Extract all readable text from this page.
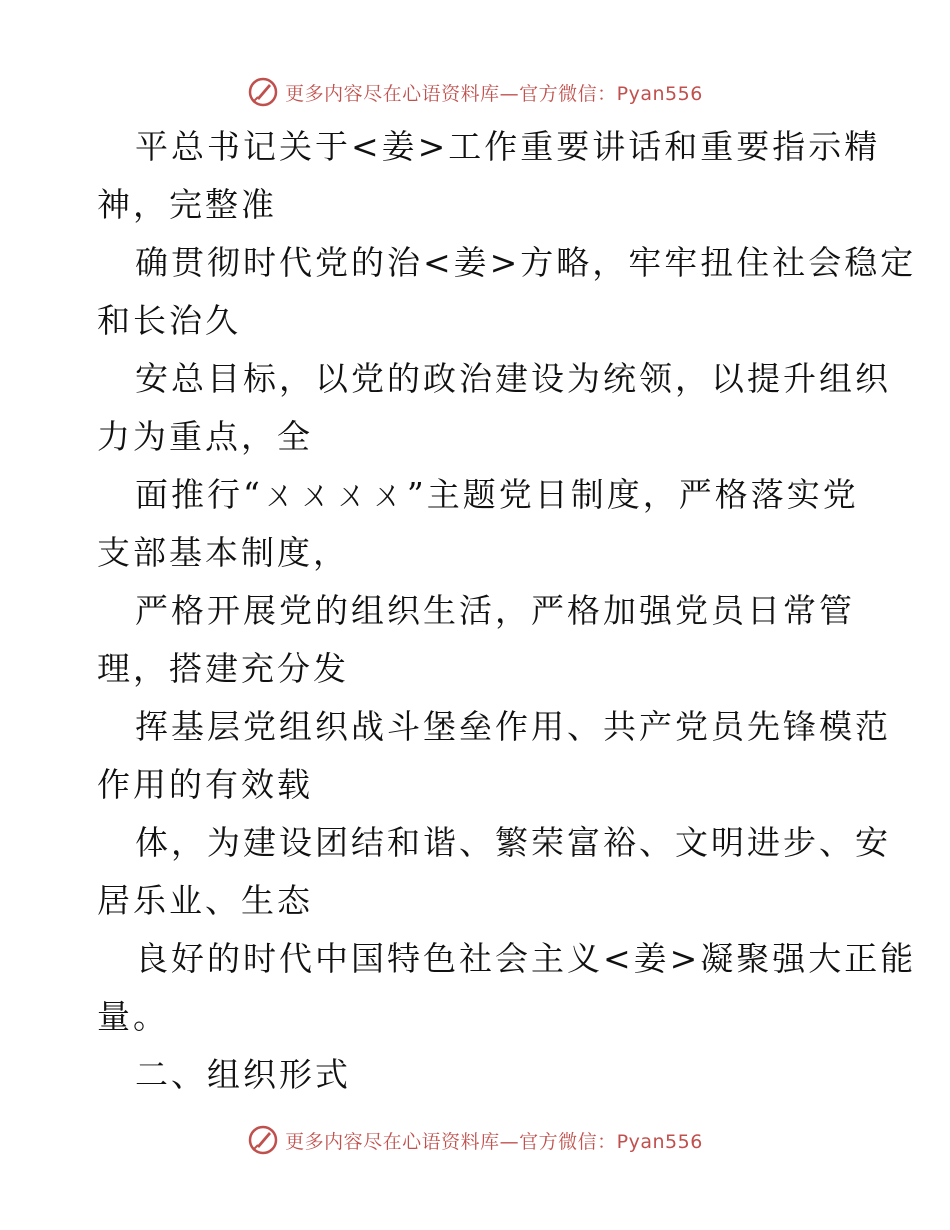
更多内容尽在心语资料库—官方微信：Pyan556

平总书记关于<姜>工作重要讲话和重要指示精

神，完整准

确贯彻时代党的治<姜>方略，牢牢扭住社会稳定

和长治久

安总目标，以党的政治建设为统领，以提升组织

力为重点，全

面推行“ㄨㄨㄨㄨ”主题党日制度，严格落实党

支部基本制度，

严格开展党的组织生活，严格加强党员日常管

理，搭建充分发

挥基层党组织战斗堡垒作用、共产党员先锋模范

作用的有效载

体，为建设团结和谐、繁荣富裕、文明进步、安

居乐业、生态

良好的时代中国特色社会主义<姜>凝聚强大正能

量。

二、组织形式

更多内容尽在心语资料库—官方微信：Pyan556
